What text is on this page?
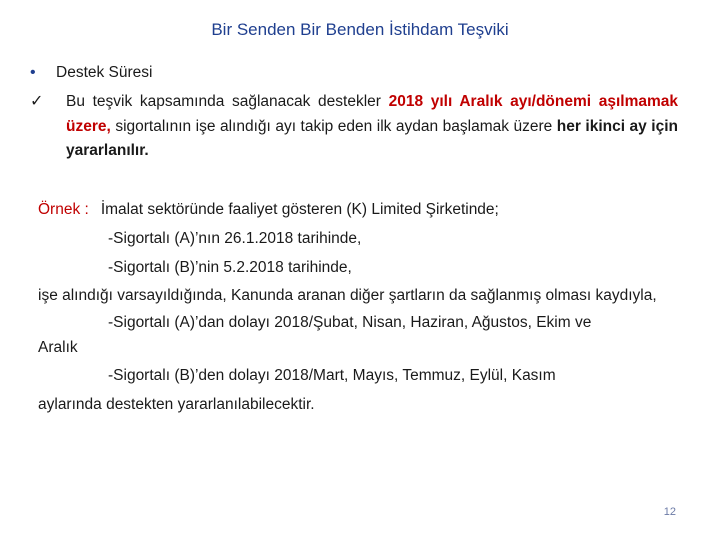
Bir Senden Bir Benden İstihdam Teşviki
•	Destek Süresi
✓	Bu teşvik kapsamında sağlanacak destekler 2018 yılı Aralık ayı/dönemi aşılmamak üzere, sigortalının işe alındığı ayı takip eden ilk aydan başlamak üzere her ikinci ay için yararlanılır.

Örnek : İmalat sektöründe faaliyet gösteren (K) Limited Şirketinde;
-Sigortalı (A)’nın 26.1.2018 tarihinde,
-Sigortalı (B)’nin 5.2.2018 tarihinde,
işe alındığı varsayıldığında, Kanunda aranan diğer şartların da sağlanmış olması kaydıyla,
-Sigortalı (A)’dan dolayı 2018/Şubat, Nisan, Haziran, Ağustos, Ekim ve
Aralık
-Sigortalı (B)’den dolayı 2018/Mart, Mayıs, Temmuz, Eylül, Kasım
aylarında destekten yararlanılabilecektir.
12
